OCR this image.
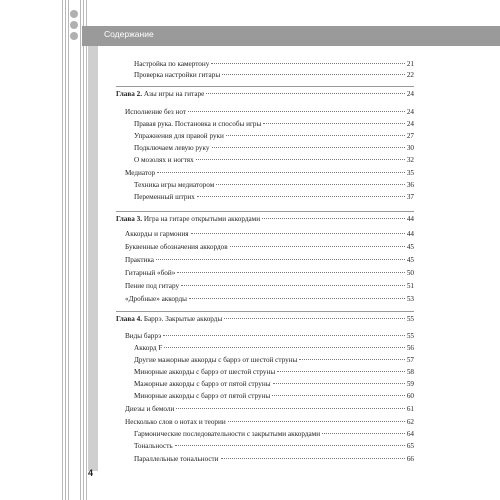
Содержание
Настройка по камертону	21
Проверка настройки гитары	22
Глава 2. Азы игры на гитаре	24
Исполнение без нот	24
Правая рука. Постановка и способы игры	24
Упражнения для правой руки	27
Подключаем левую руку	30
О мозолях и ногтях	32
Медиатор	35
Техника игры медиатором	36
Переменный штрих	37
Глава 3. Игра на гитаре открытыми аккордами	44
Аккорды и гармония	44
Буквенные обозначения аккордов	45
Практика	45
Гитарный «бой»	50
Пение под гитару	51
«Дробные» аккорды	53
Глава 4. Баррэ. Закрытые аккорды	55
Виды баррэ	55
Аккорд F	56
Другие мажорные аккорды с баррэ от шестой струны	57
Минорные аккорды с баррэ от шестой струны	58
Мажорные аккорды с баррэ от пятой струны	59
Минорные аккорды с баррэ от пятой струны	60
Диезы и бемоли	61
Несколько слов о нотах и теории	62
Гармонические последовательности с закрытыми аккордами	64
Тональность	65
Параллельные тональности	66
4
